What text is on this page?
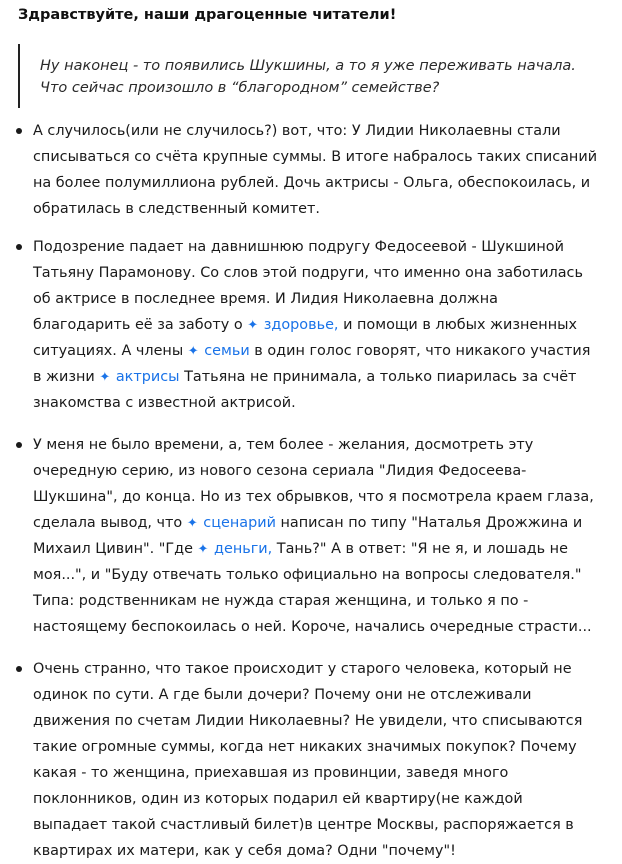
Здравствуйте, наши драгоценные читатели!
Ну наконец - то появились Шукшины, а то я уже переживать начала.
Что сейчас произошло в “благородном” семействе?
А случилось(или не случилось?) вот, что: У Лидии Николаевны стали
списываться со счёта крупные суммы. В итоге набралось таких списаний
на более полумиллиона рублей. Дочь актрисы - Ольга, обеспокоилась, и
обратилась в следственный комитет.
Подозрение падает на давнишнюю подругу Федосеевой - Шукшиной
Татьяну Парамонову. Со слов этой подруги, что именно она заботилась
об актрисе в последнее время. И Лидия Николаевна должна
благодарить её за заботу о ✦ здоровье, и помощи в любых жизненных
ситуациях. А члены ✦ семьи в один голос говорят, что никакого участия
в жизни ✦ актрисы Татьяна не принимала, а только пиарилась за счёт
знакомства с известной актрисой.
У меня не было времени, а, тем более - желания, досмотреть эту
очередную серию, из нового сезона сериала "Лидия Федосеева-
Шукшина", до конца. Но из тех обрывков, что я посмотрела краем глаза,
сделала вывод, что ✦ сценарий написан по типу "Наталья Дрожжина и
Михаил Цивин". "Где ✦ деньги, Тань?" А в ответ: "Я не я, и лошадь не
моя...", и "Буду отвечать только официально на вопросы следователя."
Типа: родственникам не нужда старая женщина, и только я по -
настоящему беспокоилась о ней. Короче, начались очередные страсти...
Очень странно, что такое происходит у старого человека, который не
одинок по сути. А где были дочери? Почему они не отслеживали
движения по счетам Лидии Николаевны? Не увидели, что списываются
такие огромные суммы, когда нет никаких значимых покупок? Почему
какая - то женщина, приехавшая из провинции, заведя много
поклонников, один из которых подарил ей квартиру(не каждой
выпадает такой счастливый билет)в центре Москвы, распоряжается в
квартирах их матери, как у себя дома? Одни "почему"!
